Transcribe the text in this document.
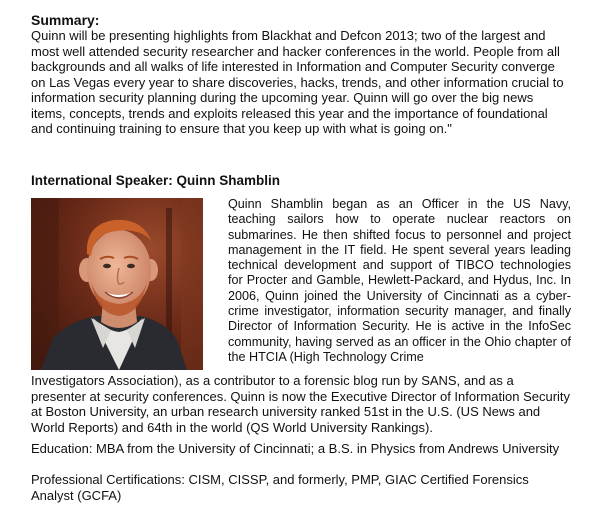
Summary:
Quinn will be presenting highlights from Blackhat and Defcon 2013; two of the largest and most well attended security researcher and hacker conferences in the world. People from all backgrounds and all walks of life interested in Information and Computer Security converge on Las Vegas every year to share discoveries, hacks, trends, and other information crucial to information security planning during the upcoming year. Quinn will go over the big news items, concepts, trends and exploits released this year and the importance of foundational and continuing training to ensure that you keep up with what is going on."
International Speaker: Quinn Shamblin

Quinn Shamblin began as an Officer in the US Navy, teaching sailors how to operate nuclear reactors on submarines. He then shifted focus to personnel and project management in the IT field. He spent several years leading technical development and support of TIBCO technologies for Procter and Gamble, Hewlett-Packard, and Hydus, Inc. In 2006, Quinn joined the University of Cincinnati as a cyber-crime investigator, information security manager, and finally Director of Information Security. He is active in the InfoSec community, having served as an officer in the Ohio chapter of the HTCIA (High Technology Crime

Investigators Association), as a contributor to a forensic blog run by SANS, and as a presenter at security conferences. Quinn is now the Executive Director of Information Security at Boston University, an urban research university ranked 51st in the U.S. (US News and World Reports) and 64th in the world (QS World University Rankings).
Education: MBA from the University of Cincinnati; a B.S. in Physics from Andrews University
Professional Certifications: CISM, CISSP, and formerly, PMP, GIAC Certified Forensics Analyst (GCFA)
